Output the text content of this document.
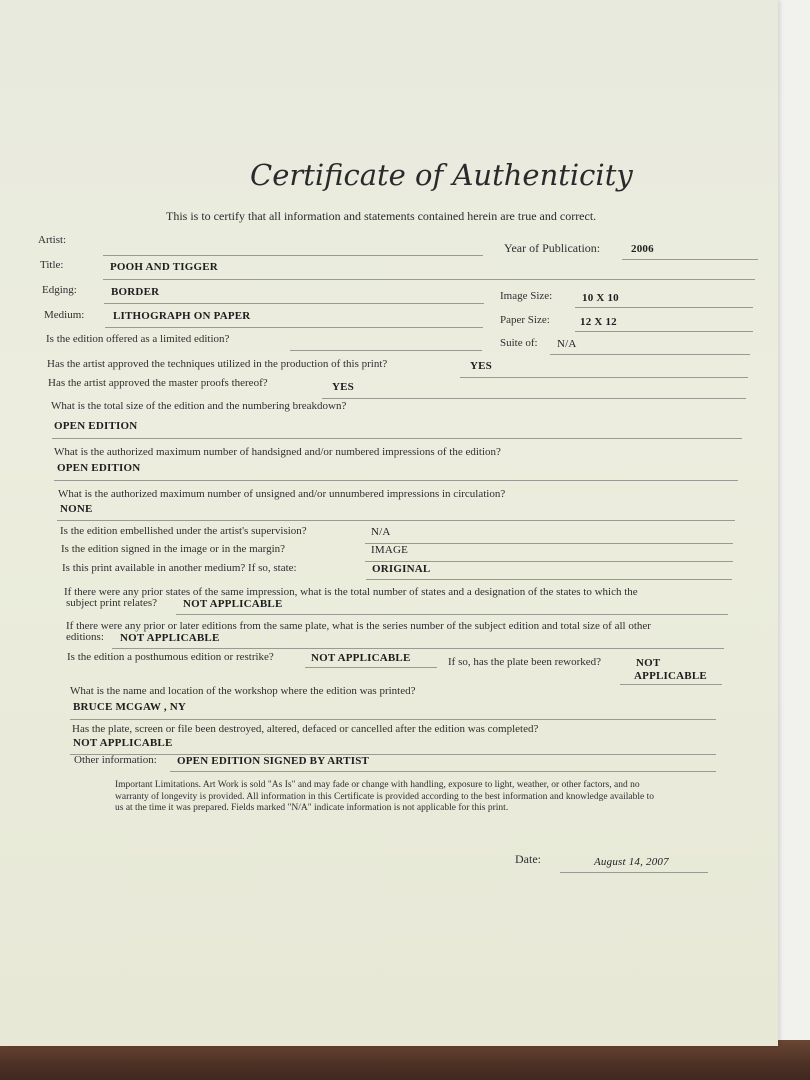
Certificate of Authenticity
This is to certify that all information and statements contained herein are true and correct.
Artist:
Year of Publication:	2006
Title:	POOH AND TIGGER
Edging:	BORDER	Image Size:	10 X 10
Medium:	LITHOGRAPH ON PAPER	Paper Size:	12 X 12
Is the edition offered as a limited edition?	Suite of: N/A
Has the artist approved the techniques utilized in the production of this print?	YES
Has the artist approved the master proofs thereof?	YES
What is the total size of the edition and the numbering breakdown?
OPEN EDITION
What is the authorized maximum number of handsigned and/or numbered impressions of the edition?
OPEN EDITION
What is the authorized maximum number of unsigned and/or unnumbered impressions in circulation?
NONE
Is the edition embellished under the artist's supervision?	N/A
Is the edition signed in the image or in the margin?	IMAGE
Is this print available in another medium? If so, state:	ORIGINAL
If there were any prior states of the same impression, what is the total number of states and a designation of the states to which the
subject print relates? NOT APPLICABLE
If there were any prior or later editions from the same plate, what is the series number of the subject edition and total size of all other
editions: NOT APPLICABLE
Is the edition a posthumous edition or restrike?	NOT APPLICABLE	If so, has the plate been reworked?	NOT
APPLICABLE
What is the name and location of the workshop where the edition was printed?
BRUCE MCGAW , NY
Has the plate, screen or file been destroyed, altered, defaced or cancelled after the edition was completed?
NOT APPLICABLE
Other information: OPEN EDITION SIGNED BY ARTIST
Important Limitations. Art Work is sold "As Is" and may fade or change with handling, exposure to light, weather, or other factors, and no warranty of longevity is provided. All information in this Certificate is provided according to the best information and knowledge available to us at the time it was prepared. Fields marked "N/A" indicate information is not applicable for this print.
Date:	August 14, 2007
